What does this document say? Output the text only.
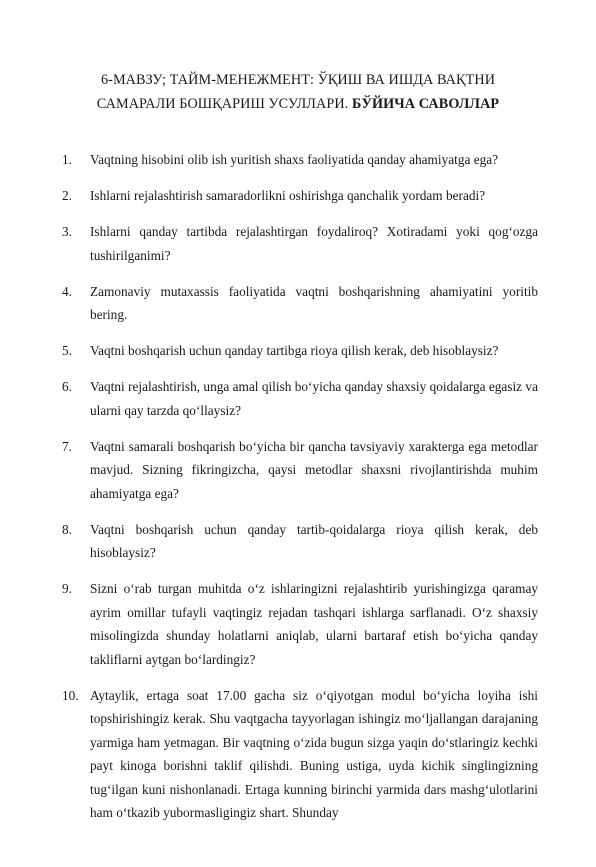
6-МАВЗУ; ТАЙМ-МЕНЕЖМЕНТ: ЎҚИШ ВА ИШДА ВАҚТНИ
САМАРАЛИ БОШҚАРИШ УСУЛЛАРИ. БЎЙИЧА САВОЛЛАР
1. Vaqtning hisobini olib ish yuritish shaxs faoliyatida qanday ahamiyatga ega?
2. Ishlarni rejalashtirish samaradorlikni oshirishga qanchalik yordam beradi?
3. Ishlarni qanday tartibda rejalashtirgan foydaliroq? Xotiradami yoki qog‘ozga tushirilganimi?
4. Zamonaviy mutaxassis faoliyatida vaqtni boshqarishning ahamiyatini yoritib bering.
5. Vaqtni boshqarish uchun qanday tartibga rioya qilish kerak, deb hisoblaysiz?
6. Vaqtni rejalashtirish, unga amal qilish bo‘yicha qanday shaxsiy qoidalarga egasiz va ularni qay tarzda qo‘llaysiz?
7. Vaqtni samarali boshqarish bo‘yicha bir qancha tavsiyaviy xarakterga ega metodlar mavjud. Sizning fikringizcha, qaysi metodlar shaxsni rivojlantirishda muhim ahamiyatga ega?
8. Vaqtni boshqarish uchun qanday tartib-qoidalarga rioya qilish kerak, deb hisoblaysiz?
9. Sizni o‘rab turgan muhitda o‘z ishlaringizni rejalashtirib yurishingizga qaramay ayrim omillar tufayli vaqtingiz rejadan tashqari ishlarga sarflanadi. O‘z shaxsiy misolingizda shunday holatlarni aniqlab, ularni bartaraf etish bo‘yicha qanday takliflarni aytgan bo‘lardingiz?
10. Aytaylik, ertaga soat 17.00 gacha siz o‘qiyotgan modul bo‘yicha loyiha ishi topshirishingiz kerak. Shu vaqtgacha tayyorlagan ishingiz mo‘ljallangan darajaning yarmiga ham yetmagan. Bir vaqtning o‘zida bugun sizga yaqin do‘stlaringiz kechki payt kinoga borishni taklif qilishdi. Buning ustiga, uyda kichik singlingizning tug‘ilgan kuni nishonlanadi. Ertaga kunning birinchi yarmida dars mashg‘ulotlarini ham o‘tkazib yubormasligingiz shart. Shunday
